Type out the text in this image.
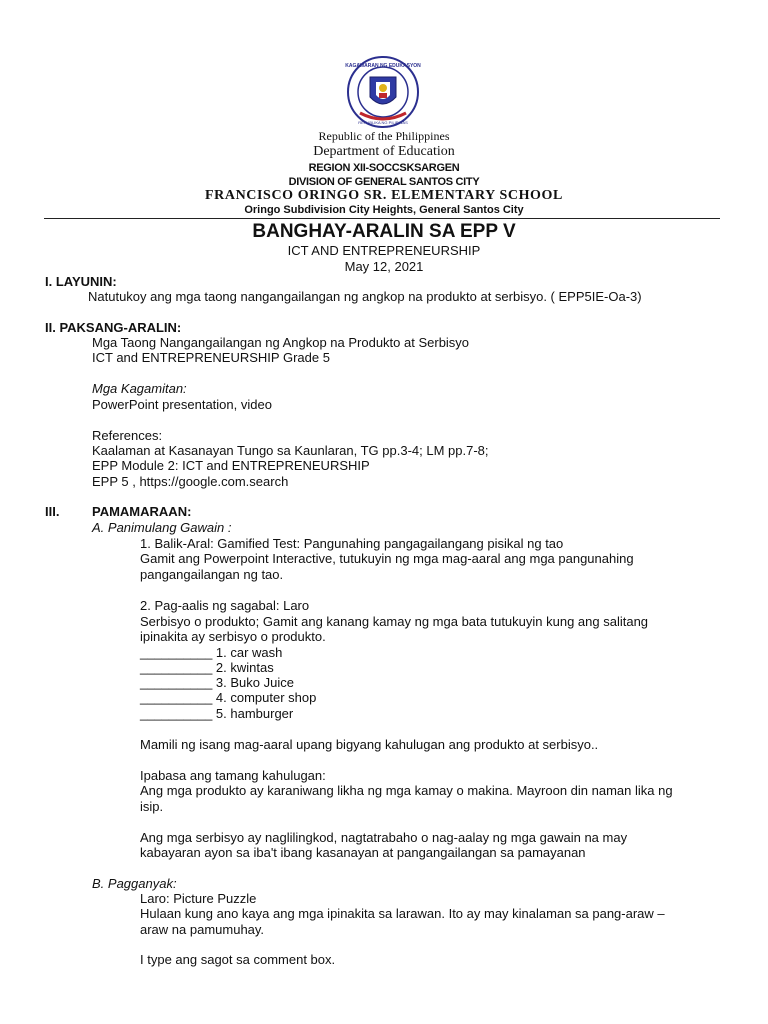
KAGAWARAN NG EDUKASYON
REPUBLIKA NG PILIPINAS
Republic of the Philippines
Department of Education
REGION XII-SOCCSKSARGEN
DIVISION OF GENERAL SANTOS CITY
FRANCISCO ORINGO SR. ELEMENTARY SCHOOL
Oringo Subdivision City Heights, General Santos City
BANGHAY-ARALIN SA EPP V
ICT AND ENTREPRENEURSHIP
May 12, 2021
I. LAYUNIN:
Natutukoy ang mga taong nangangailangan ng angkop na produkto at serbisyo. ( EPP5IE-Oa-3)
II. PAKSANG-ARALIN:
Mga Taong Nangangailangan ng Angkop na Produkto at Serbisyo
ICT and ENTREPRENEURSHIP Grade 5
Mga Kagamitan:
PowerPoint presentation, video
References:
Kaalaman at Kasanayan Tungo sa Kaunlaran, TG pp.3-4; LM pp.7-8;
EPP Module 2: ICT and ENTREPRENEURSHIP
EPP 5 , https://google.com.search
III.	PAMAMARAAN:
A. Panimulang Gawain :
1. Balik-Aral: Gamified Test: Pangunahing pangagailangang pisikal ng tao
Gamit ang Powerpoint Interactive, tutukuyin ng mga mag-aaral ang mga pangunahing
pangangailangan ng tao.
2. Pag-aalis ng sagabal: Laro
Serbisyo o produkto; Gamit ang kanang kamay ng mga bata tutukuyin kung ang salitang
ipinakita ay serbisyo o produkto.
__________ 1. car wash
__________ 2. kwintas
__________ 3. Buko Juice
__________ 4. computer shop
__________ 5. hamburger
Mamili ng isang mag-aaral upang bigyang kahulugan ang produkto at serbisyo..
Ipabasa ang tamang kahulugan:
Ang mga produkto ay karaniwang likha ng mga kamay o makina. Mayroon din naman lika ng
isip.
Ang mga serbisyo ay naglilingkod, nagtatrabaho o nag-aalay ng mga gawain na may
kabayaran ayon sa iba't ibang kasanayan at pangangailangan sa pamayanan
B. Pagganyak:
Laro: Picture Puzzle
Hulaan kung ano kaya ang mga ipinakita sa larawan. Ito ay may kinalaman sa pang-araw –
araw na pamumuhay.
I type ang sagot sa comment box.
